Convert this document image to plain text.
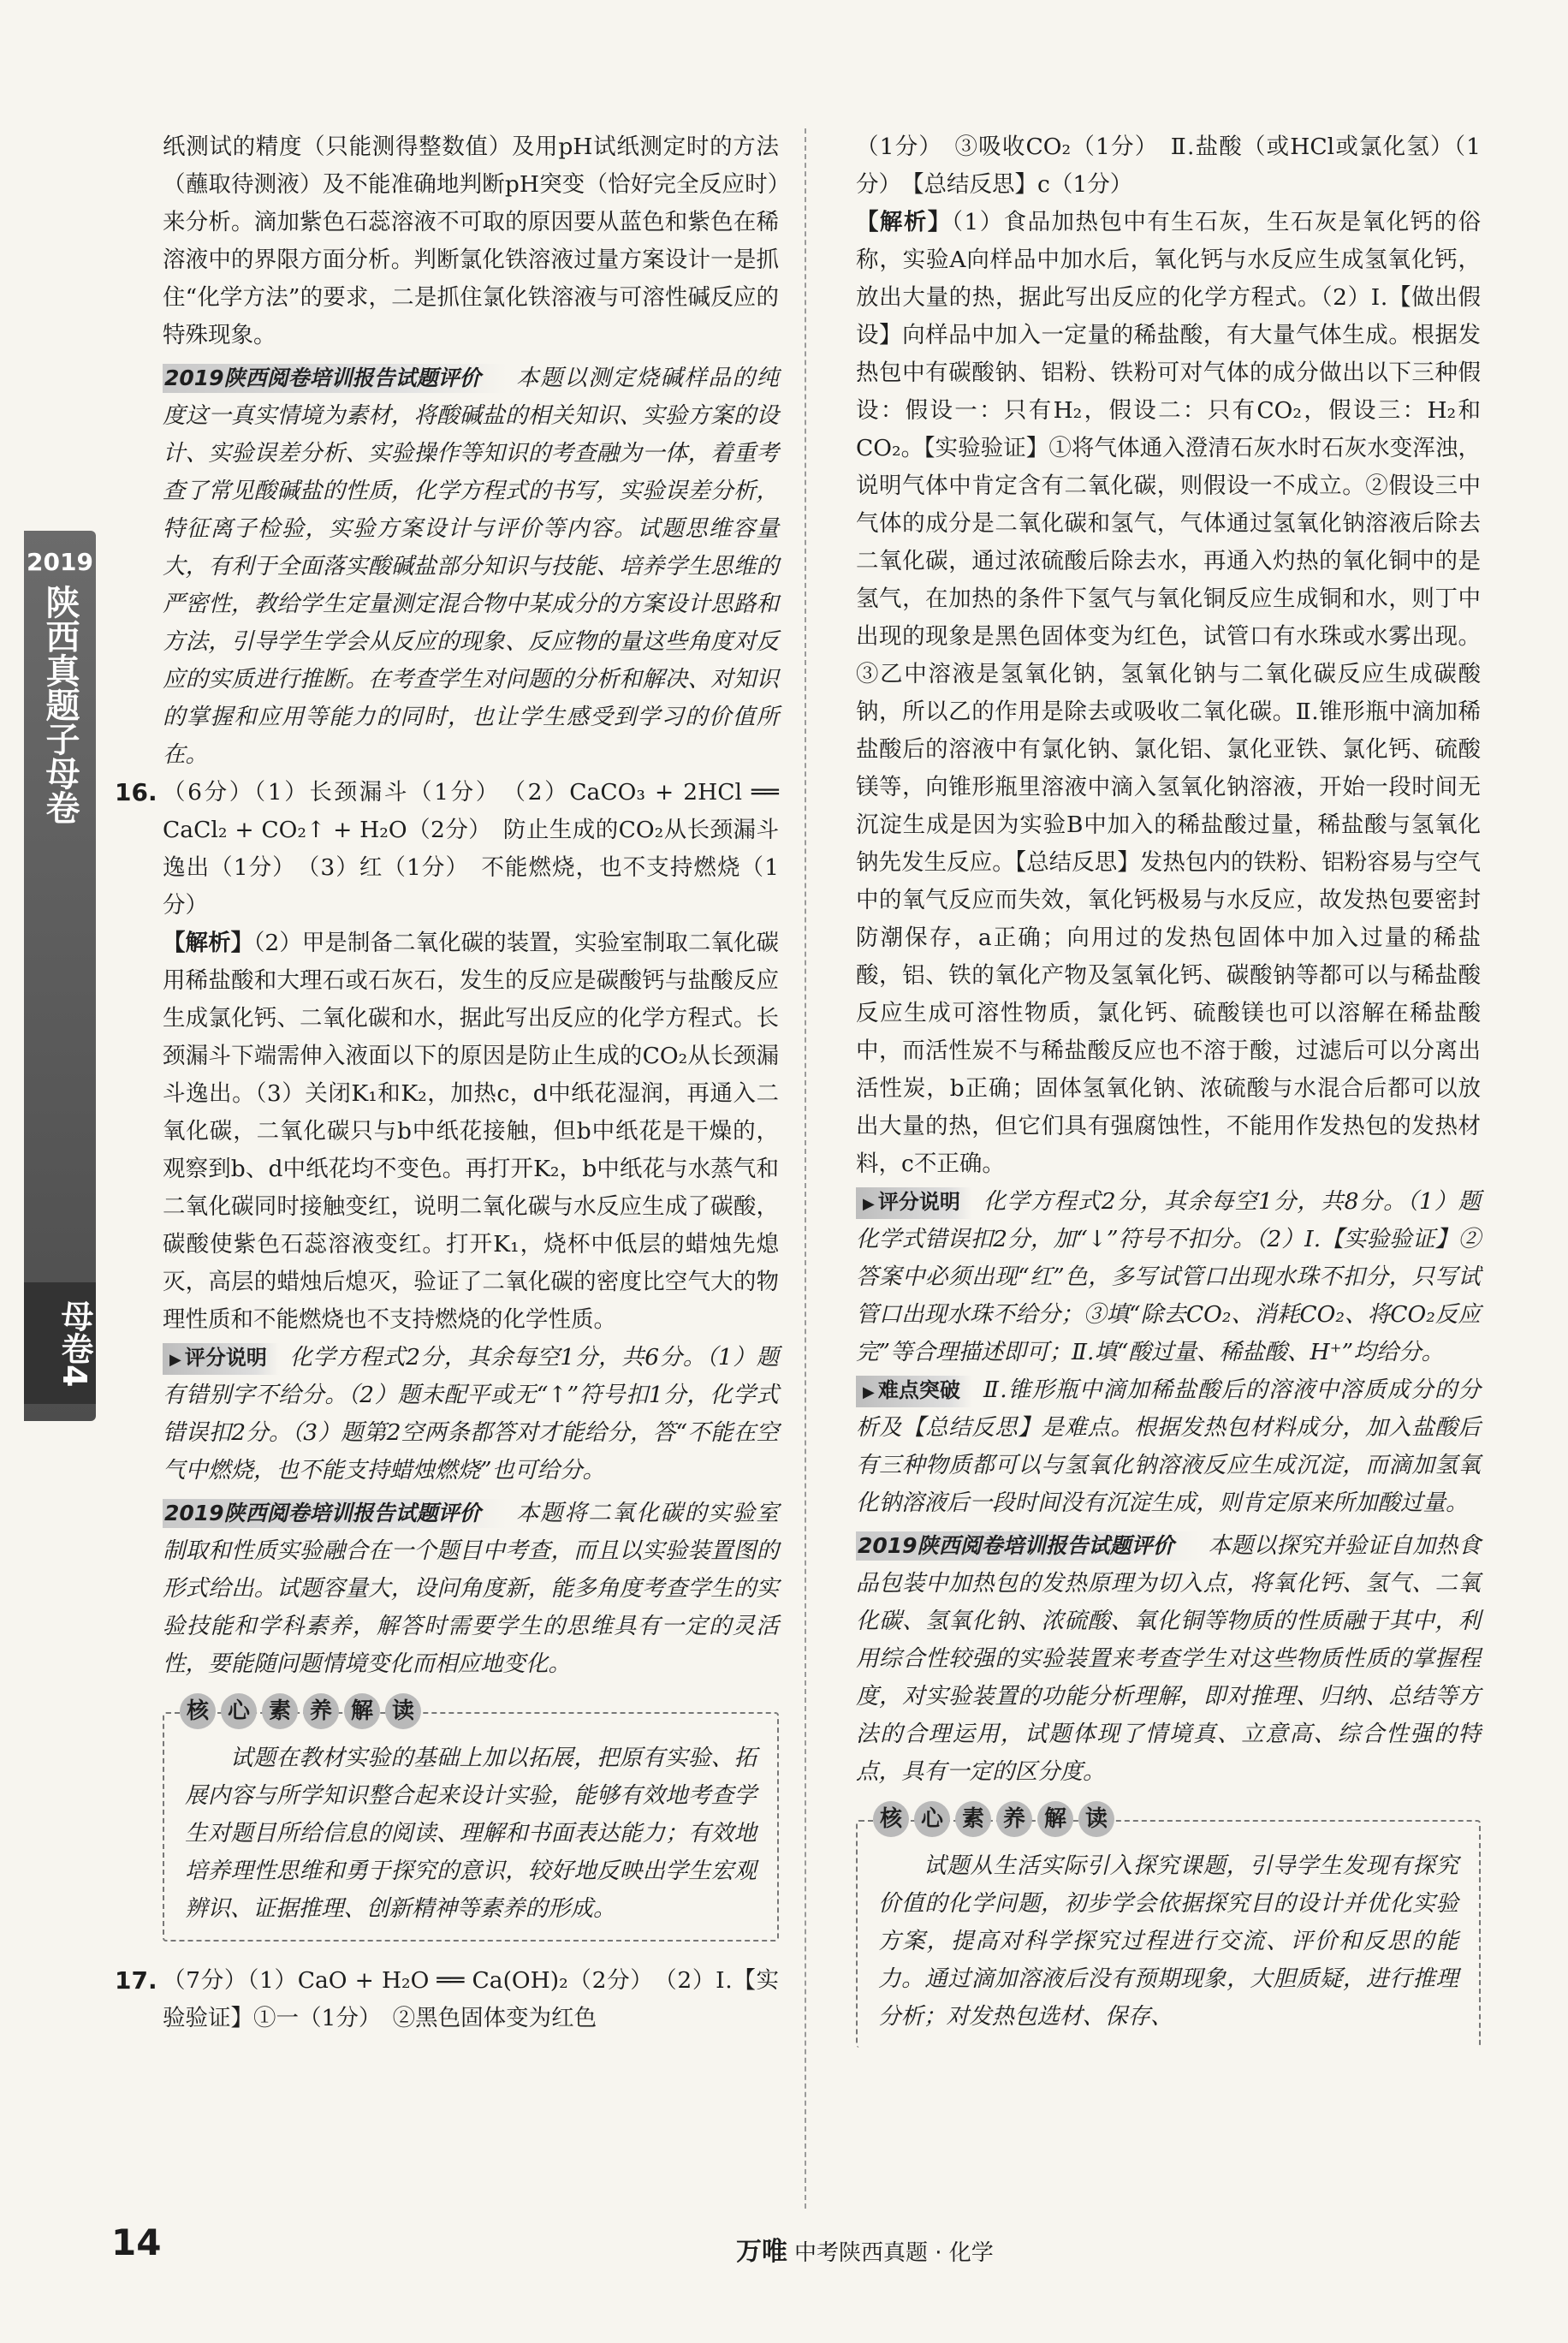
2019
陕西真题子母卷
母卷4

纸测试的精度（只能测得整数值）及用pH试纸测定时的方法（蘸取待测液）及不能准确地判断pH突变（恰好完全反应时）来分析。滴加紫色石蕊溶液不可取的原因要从蓝色和紫色在稀溶液中的界限方面分析。判断氯化铁溶液过量方案设计一是抓住“化学方法”的要求，二是抓住氯化铁溶液与可溶性碱反应的特殊现象。

2019陕西阅卷培训报告试题评价 本题以测定烧碱样品的纯度这一真实情境为素材，将酸碱盐的相关知识、实验方案的设计、实验误差分析、实验操作等知识的考查融为一体，着重考查了常见酸碱盐的性质，化学方程式的书写，实验误差分析，特征离子检验，实验方案设计与评价等内容。试题思维容量大，有利于全面落实酸碱盐部分知识与技能、培养学生思维的严密性，教给学生定量测定混合物中某成分的方案设计思路和方法，引导学生学会从反应的现象、反应物的量这些角度对反应的实质进行推断。在考查学生对问题的分析和解决、对知识的掌握和应用等能力的同时，也让学生感受到学习的价值所在。

16. （6分）（1）长颈漏斗（1分）　（2）CaCO₃ + 2HCl ══ CaCl₂ + CO₂↑ + H₂O（2分）　防止生成的CO₂从长颈漏斗逸出（1分）　（3）红（1分）　不能燃烧，也不支持燃烧（1分）

【解析】（2）甲是制备二氧化碳的装置，实验室制取二氧化碳用稀盐酸和大理石或石灰石，发生的反应是碳酸钙与盐酸反应生成氯化钙、二氧化碳和水，据此写出反应的化学方程式。长颈漏斗下端需伸入液面以下的原因是防止生成的CO₂从长颈漏斗逸出。（3）关闭K₁和K₂，加热c，d中纸花湿润，再通入二氧化碳，二氧化碳只与b中纸花接触，但b中纸花是干燥的，观察到b、d中纸花均不变色。再打开K₂，b中纸花与水蒸气和二氧化碳同时接触变红，说明二氧化碳与水反应生成了碳酸，碳酸使紫色石蕊溶液变红。打开K₁，烧杯中低层的蜡烛先熄灭，高层的蜡烛后熄灭，验证了二氧化碳的密度比空气大的物理性质和不能燃烧也不支持燃烧的化学性质。

▶ 评分说明 化学方程式2分，其余每空1分，共6分。（1）题有错别字不给分。（2）题未配平或无“↑”符号扣1分，化学式错误扣2分。（3）题第2空两条都答对才能给分，答“不能在空气中燃烧，也不能支持蜡烛燃烧”也可给分。

2019陕西阅卷培训报告试题评价 本题将二氧化碳的实验室制取和性质实验融合在一个题目中考查，而且以实验装置图的形式给出。试题容量大，设问角度新，能多角度考查学生的实验技能和学科素养，解答时需要学生的思维具有一定的灵活性，要能随问题情境变化而相应地变化。

核 心 素 养 解 读

试题在教材实验的基础上加以拓展，把原有实验、拓展内容与所学知识整合起来设计实验，能够有效地考查学生对题目所给信息的阅读、理解和书面表达能力；有效地培养理性思维和勇于探究的意识，较好地反映出学生宏观辨识、证据推理、创新精神等素养的形成。

17. （7分）（1）CaO + H₂O ══ Ca(OH)₂（2分）　（2）Ⅰ.【实验验证】①一（1分）　②黑色固体变为红色

（1分）　③吸收CO₂（1分）　Ⅱ.盐酸（或HCl或氯化氢）（1分）　【总结反思】c（1分）

【解析】（1）食品加热包中有生石灰，生石灰是氧化钙的俗称，实验A向样品中加水后，氧化钙与水反应生成氢氧化钙，放出大量的热，据此写出反应的化学方程式。（2）Ⅰ.【做出假设】向样品中加入一定量的稀盐酸，有大量气体生成。根据发热包中有碳酸钠、铝粉、铁粉可对气体的成分做出以下三种假设：假设一：只有H₂，假设二：只有CO₂，假设三：H₂和CO₂。【实验验证】①将气体通入澄清石灰水时石灰水变浑浊，说明气体中肯定含有二氧化碳，则假设一不成立。②假设三中气体的成分是二氧化碳和氢气，气体通过氢氧化钠溶液后除去二氧化碳，通过浓硫酸后除去水，再通入灼热的氧化铜中的是氢气，在加热的条件下氢气与氧化铜反应生成铜和水，则丁中出现的现象是黑色固体变为红色，试管口有水珠或水雾出现。③乙中溶液是氢氧化钠，氢氧化钠与二氧化碳反应生成碳酸钠，所以乙的作用是除去或吸收二氧化碳。Ⅱ.锥形瓶中滴加稀盐酸后的溶液中有氯化钠、氯化铝、氯化亚铁、氯化钙、硫酸镁等，向锥形瓶里溶液中滴入氢氧化钠溶液，开始一段时间无沉淀生成是因为实验B中加入的稀盐酸过量，稀盐酸与氢氧化钠先发生反应。【总结反思】发热包内的铁粉、铝粉容易与空气中的氧气反应而失效，氧化钙极易与水反应，故发热包要密封防潮保存，a正确；向用过的发热包固体中加入过量的稀盐酸，铝、铁的氧化产物及氢氧化钙、碳酸钠等都可以与稀盐酸反应生成可溶性物质，氯化钙、硫酸镁也可以溶解在稀盐酸中，而活性炭不与稀盐酸反应也不溶于酸，过滤后可以分离出活性炭，b正确；固体氢氧化钠、浓硫酸与水混合后都可以放出大量的热，但它们具有强腐蚀性，不能用作发热包的发热材料，c不正确。

▶ 评分说明 化学方程式2分，其余每空1分，共8分。（1）题化学式错误扣2分，加“↓”符号不扣分。（2）Ⅰ.【实验验证】②答案中必须出现“红”色，多写试管口出现水珠不扣分，只写试管口出现水珠不给分；③填“除去CO₂、消耗CO₂、将CO₂反应完”等合理描述即可；Ⅱ.填“酸过量、稀盐酸、H⁺”均给分。

▶ 难点突破 Ⅱ.锥形瓶中滴加稀盐酸后的溶液中溶质成分的分析及【总结反思】是难点。根据发热包材料成分，加入盐酸后有三种物质都可以与氢氧化钠溶液反应生成沉淀，而滴加氢氧化钠溶液后一段时间没有沉淀生成，则肯定原来所加酸过量。

2019陕西阅卷培训报告试题评价 本题以探究并验证自加热食品包装中加热包的发热原理为切入点，将氧化钙、氢气、二氧化碳、氢氧化钠、浓硫酸、氧化铜等物质的性质融于其中，利用综合性较强的实验装置来考查学生对这些物质性质的掌握程度，对实验装置的功能分析理解，即对推理、归纳、总结等方法的合理运用，试题体现了情境真、立意高、综合性强的特点，具有一定的区分度。

核 心 素 养 解 读

试题从生活实际引入探究课题，引导学生发现有探究价值的化学问题，初步学会依据探究目的设计并优化实验方案，提高对科学探究过程进行交流、评价和反思的能力。通过滴加溶液后没有预期现象，大胆质疑，进行推理分析；对发热包选材、保存、

14	万唯 中考陕西真题 · 化学
